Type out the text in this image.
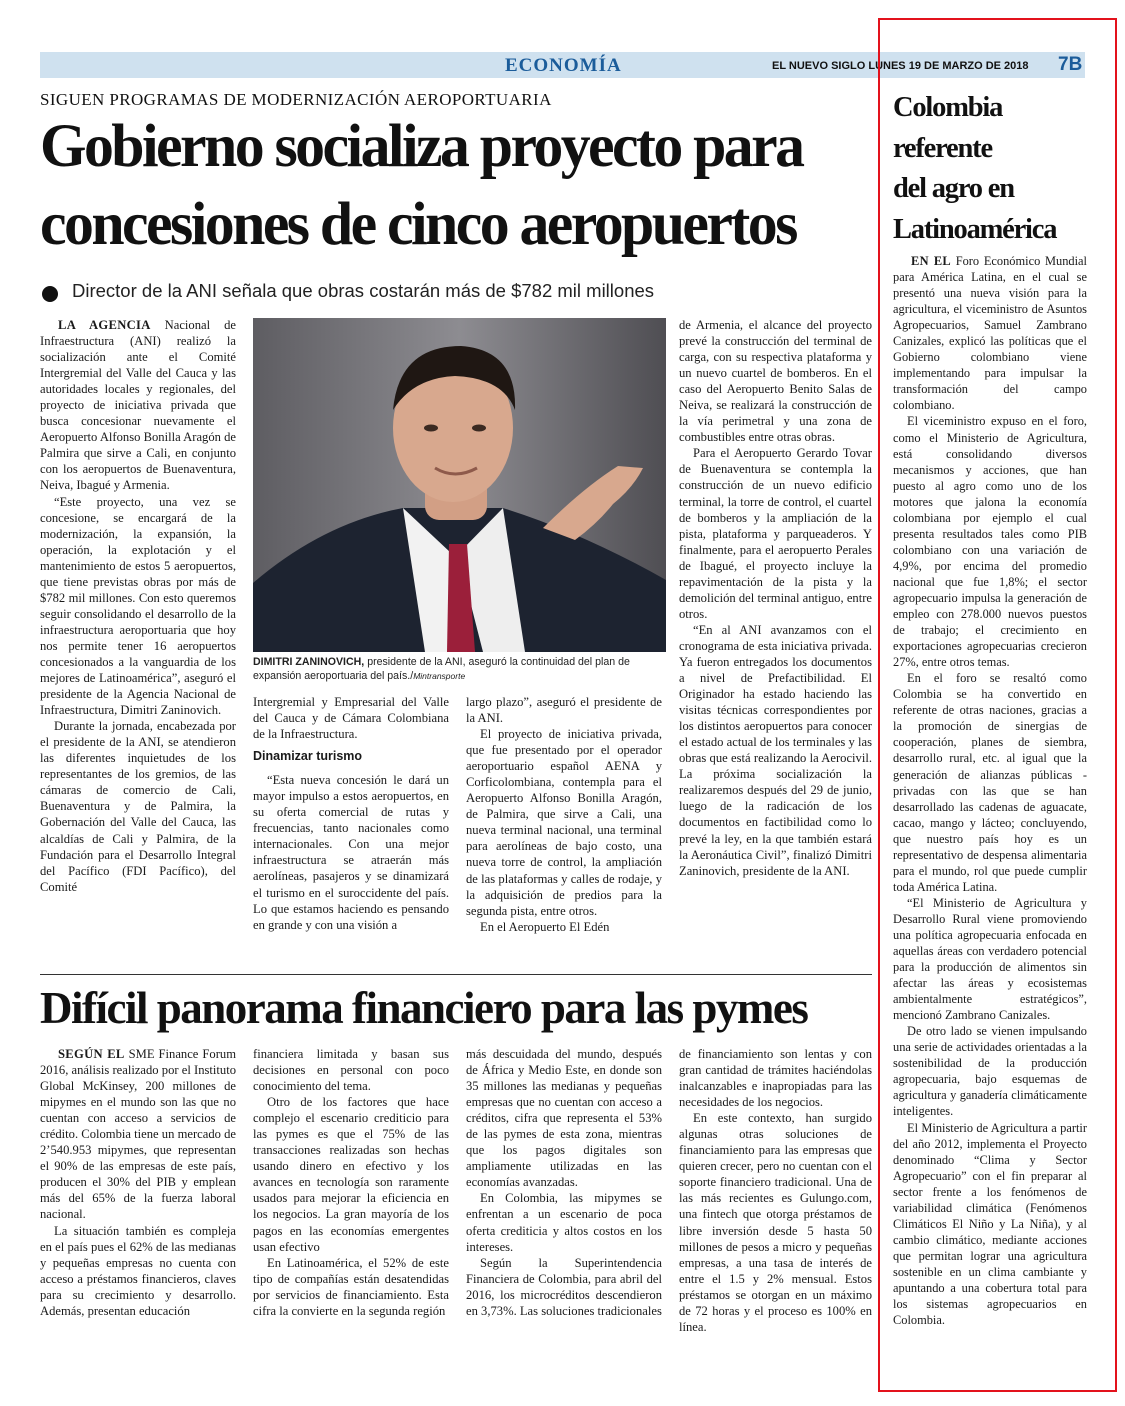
ECONOMÍA	EL NUEVO SIGLO LUNES 19 DE MARZO DE 2018 7B
SIGUEN PROGRAMAS DE MODERNIZACIÓN AEROPORTUARIA
Gobierno socializa proyecto para
concesiones de cinco aeropuertos
Director de la ANI señala que obras costarán más de $782 mil millones

LA AGENCIA Nacional de Infraestructura (ANI) realizó la socialización ante el Comité Intergremial del Valle del Cauca y las autoridades locales y regionales, del proyecto de iniciativa privada que busca concesionar nuevamente el Aeropuerto Alfonso Bonilla Aragón de Palmira que sirve a Cali, en conjunto con los aeropuertos de Buenaventura, Neiva, Ibagué y Armenia.

“Este proyecto, una vez se concesione, se encargará de la modernización, la expansión, la operación, la explotación y el mantenimiento de estos 5 aeropuertos, que tiene previstas obras por más de $782 mil millones. Con esto queremos seguir consolidando el desarrollo de la infraestructura aeroportuaria que hoy nos permite tener 16 aeropuertos concesionados a la vanguardia de los mejores de Latinoamérica”, aseguró el presidente de la Agencia Nacional de Infraestructura, Dimitri Zaninovich.

Durante la jornada, encabezada por el presidente de la ANI, se atendieron las diferentes inquietudes de los representantes de los gremios, de las cámaras de comercio de Cali, Buenaventura y de Palmira, la Gobernación del Valle del Cauca, las alcaldías de Cali y Palmira, de la Fundación para el Desarrollo Integral del Pacífico (FDI Pacífico), del Comité

DIMITRI ZANINOVICH, presidente de la ANI, aseguró la continuidad del plan de expansión aeroportuaria del país./Mintransporte

Intergremial y Empresarial del Valle del Cauca y de Cámara Colombiana de la Infraestructura.

Dinamizar turismo

“Esta nueva concesión le dará un mayor impulso a estos aeropuertos, en su oferta comercial de rutas y frecuencias, tanto nacionales como internacionales. Con una mejor infraestructura se atraerán más aerolíneas, pasajeros y se dinamizará el turismo en el suroccidente del país. Lo que estamos haciendo es pensando en grande y con una visión a

largo plazo”, aseguró el presidente de la ANI.

El proyecto de iniciativa privada, que fue presentado por el operador aeroportuario español AENA y Corficolombiana, contempla para el Aeropuerto Alfonso Bonilla Aragón, de Palmira, que sirve a Cali, una nueva terminal nacional, una terminal para aerolíneas de bajo costo, una nueva torre de control, la ampliación de las plataformas y calles de rodaje, y la adquisición de predios para la segunda pista, entre otros.

En el Aeropuerto El Edén

de Armenia, el alcance del proyecto prevé la construcción del terminal de carga, con su respectiva plataforma y un nuevo cuartel de bomberos. En el caso del Aeropuerto Benito Salas de Neiva, se realizará la construcción de la vía perimetral y una zona de combustibles entre otras obras.

Para el Aeropuerto Gerardo Tovar de Buenaventura se contempla la construcción de un nuevo edificio terminal, la torre de control, el cuartel de bomberos y la ampliación de la pista, plataforma y parqueaderos. Y finalmente, para el aeropuerto Perales de Ibagué, el proyecto incluye la repavimentación de la pista y la demolición del terminal antiguo, entre otros.

“En al ANI avanzamos con el cronograma de esta iniciativa privada. Ya fueron entregados los documentos a nivel de Prefactibilidad. El Originador ha estado haciendo las visitas técnicas correspondientes por los distintos aeropuertos para conocer el estado actual de los terminales y las obras que está realizando la Aerocivil. La próxima socialización la realizaremos después del 29 de junio, luego de la radicación de los documentos en factibilidad como lo prevé la ley, en la que también estará la Aeronáutica Civil”, finalizó Dimitri Zaninovich, presidente de la ANI.

Difícil panorama financiero para las pymes

SEGÚN EL SME Finance Forum 2016, análisis realizado por el Instituto Global McKinsey, 200 millones de mipymes en el mundo son las que no cuentan con acceso a servicios de crédito. Colombia tiene un mercado de 2’540.953 mipymes, que representan el 90% de las empresas de este país, producen el 30% del PIB y emplean más del 65% de la fuerza laboral nacional.

La situación también es compleja en el país pues el 62% de las medianas y pequeñas empresas no cuenta con acceso a préstamos financieros, claves para su crecimiento y desarrollo. Además, presentan educación

financiera limitada y basan sus decisiones en personal con poco conocimiento del tema.

Otro de los factores que hace complejo el escenario crediticio para las pymes es que el 75% de las transacciones realizadas son hechas usando dinero en efectivo y los avances en tecnología son raramente usados para mejorar la eficiencia en los negocios. La gran mayoría de los pagos en las economías emergentes usan efectivo

En Latinoamérica, el 52% de este tipo de compañías están desatendidas por servicios de financiamiento. Esta cifra la convierte en la segunda región

más descuidada del mundo, después de África y Medio Este, en donde son 35 millones las medianas y pequeñas empresas que no cuentan con acceso a créditos, cifra que representa el 53% de las pymes de esta zona, mientras que los pagos digitales son ampliamente utilizadas en las economías avanzadas.

En Colombia, las mipymes se enfrentan a un escenario de poca oferta crediticia y altos costos en los intereses.

Según la Superintendencia Financiera de Colombia, para abril del 2016, los microcréditos descendieron en 3,73%. Las soluciones tradicionales

de financiamiento son lentas y con gran cantidad de trámites haciéndolas inalcanzables e inapropiadas para las necesidades de los negocios.

En este contexto, han surgido algunas otras soluciones de financiamiento para las empresas que quieren crecer, pero no cuentan con el soporte financiero tradicional. Una de las más recientes es Gulungo.com, una fintech que otorga préstamos de libre inversión desde 5 hasta 50 millones de pesos a micro y pequeñas empresas, a una tasa de interés de entre el 1.5 y 2% mensual. Estos préstamos se otorgan en un máximo de 72 horas y el proceso es 100% en línea.

Colombia
referente
del agro en
Latinoamérica

EN EL Foro Económico Mundial para América Latina, en el cual se presentó una nueva visión para la agricultura, el viceministro de Asuntos Agropecuarios, Samuel Zambrano Canizales, explicó las políticas que el Gobierno colombiano viene implementando para impulsar la transformación del campo colombiano.

El viceministro expuso en el foro, como el Ministerio de Agricultura, está consolidando diversos mecanismos y acciones, que han puesto al agro como uno de los motores que jalona la economía colombiana por ejemplo el cual presenta resultados tales como PIB colombiano con una variación de 4,9%, por encima del promedio nacional que fue 1,8%; el sector agropecuario impulsa la generación de empleo con 278.000 nuevos puestos de trabajo; el crecimiento en exportaciones agropecuarias crecieron 27%, entre otros temas.

En el foro se resaltó como Colombia se ha convertido en referente de otras naciones, gracias a la promoción de sinergias de cooperación, planes de siembra, desarrollo rural, etc. al igual que la generación de alianzas públicas - privadas con las que se han desarrollado las cadenas de aguacate, cacao, mango y lácteo; concluyendo, que nuestro país hoy es un representativo de despensa alimentaria para el mundo, rol que puede cumplir toda América Latina.

“El Ministerio de Agricultura y Desarrollo Rural viene promoviendo una política agropecuaria enfocada en aquellas áreas con verdadero potencial para la producción de alimentos sin afectar las áreas y ecosistemas ambientalmente estratégicos”, mencionó Zambrano Canizales.

De otro lado se vienen impulsando una serie de actividades orientadas a la sostenibilidad de la producción agropecuaria, bajo esquemas de agricultura y ganadería climáticamente inteligentes.

El Ministerio de Agricultura a partir del año 2012, implementa el Proyecto denominado “Clima y Sector Agropecuario” con el fin preparar al sector frente a los fenómenos de variabilidad climática (Fenómenos Climáticos El Niño y La Niña), y al cambio climático, mediante acciones que permitan lograr una agricultura sostenible en un clima cambiante y apuntando a una cobertura total para los sistemas agropecuarios en Colombia.
